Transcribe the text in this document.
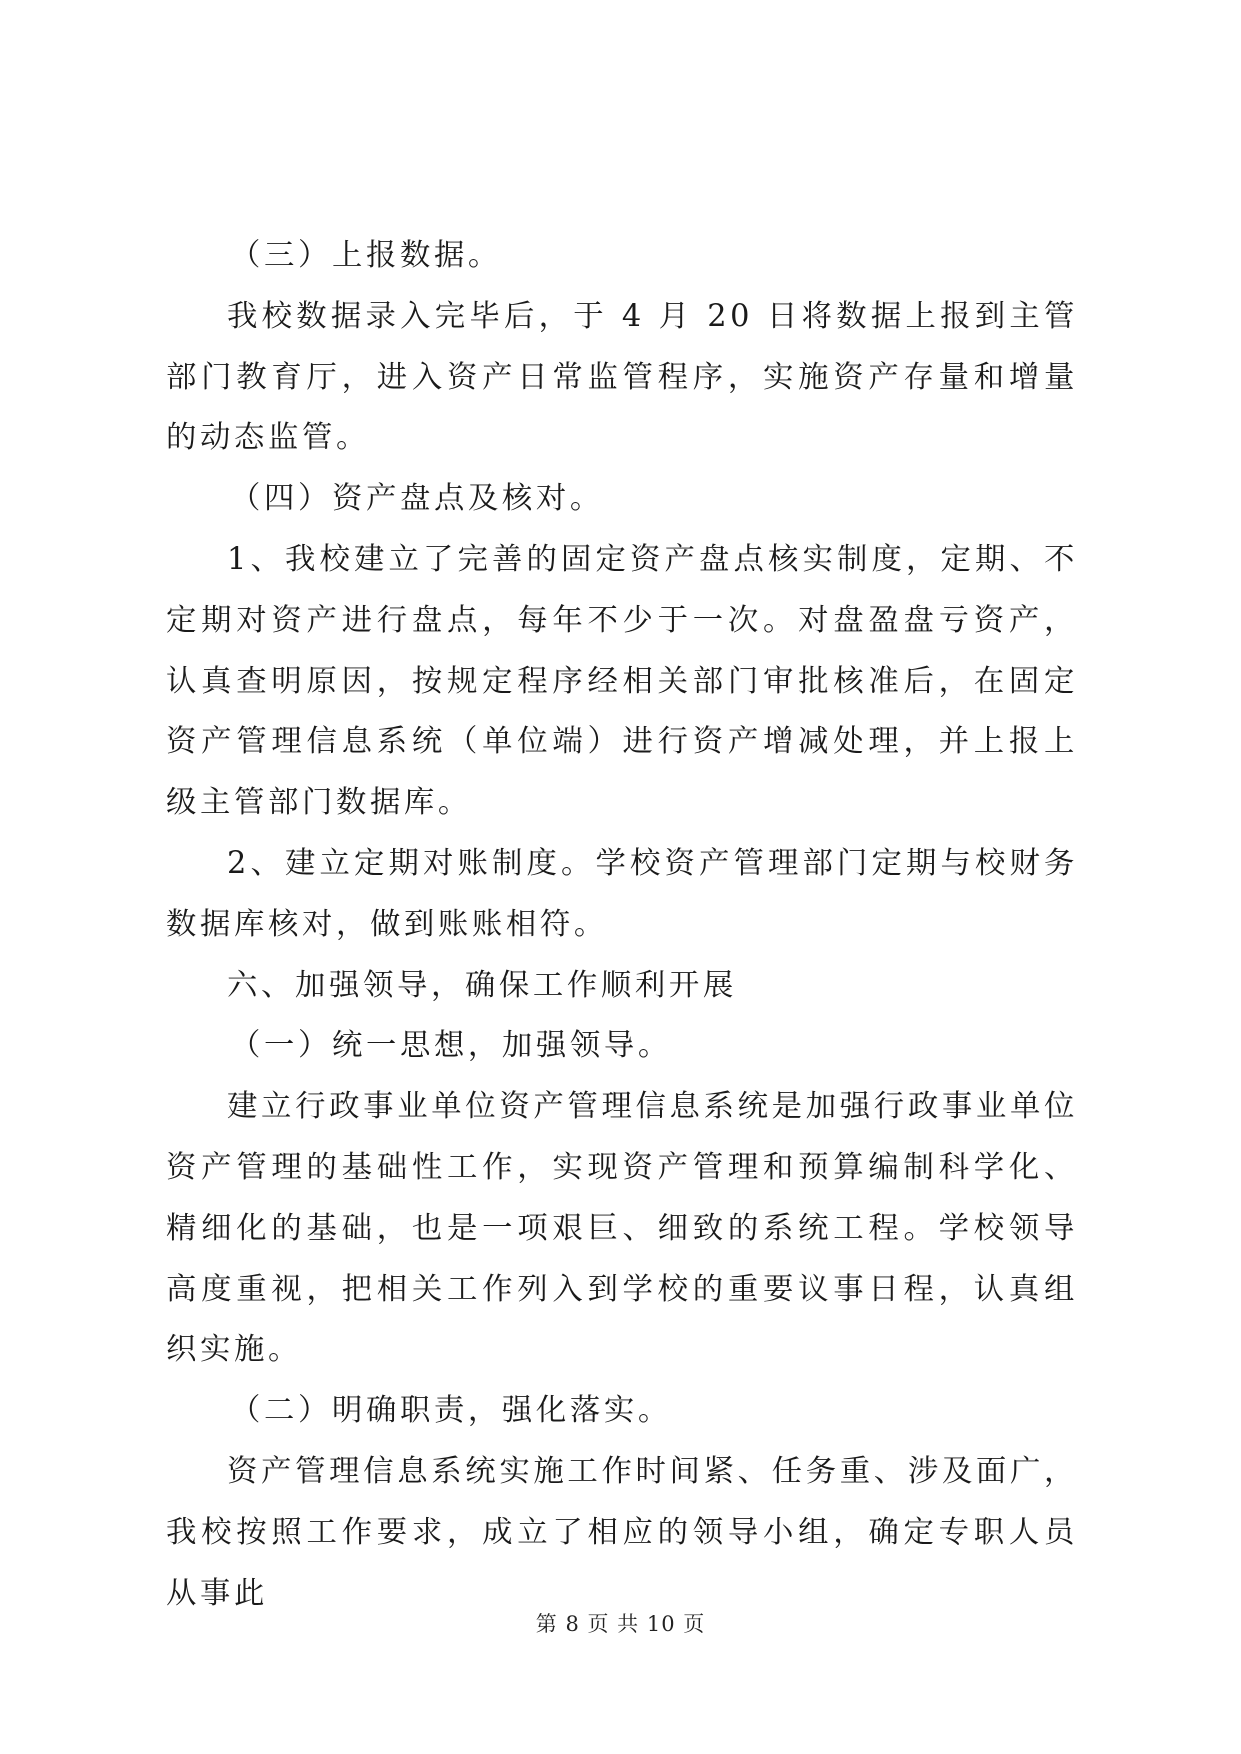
（三）上报数据。

我校数据录入完毕后，于 4 月 20 日将数据上报到主管部门教育厅，进入资产日常监管程序，实施资产存量和增量的动态监管。

（四）资产盘点及核对。

1、我校建立了完善的固定资产盘点核实制度，定期、不定期对资产进行盘点，每年不少于一次。对盘盈盘亏资产，认真查明原因，按规定程序经相关部门审批核准后，在固定资产管理信息系统（单位端）进行资产增减处理，并上报上级主管部门数据库。

2、建立定期对账制度。学校资产管理部门定期与校财务数据库核对，做到账账相符。

六、加强领导，确保工作顺利开展

（一）统一思想，加强领导。

建立行政事业单位资产管理信息系统是加强行政事业单位资产管理的基础性工作，实现资产管理和预算编制科学化、精细化的基础，也是一项艰巨、细致的系统工程。学校领导高度重视，把相关工作列入到学校的重要议事日程，认真组织实施。

（二）明确职责，强化落实。

资产管理信息系统实施工作时间紧、任务重、涉及面广，我校按照工作要求，成立了相应的领导小组，确定专职人员从事此

第 8 页 共 10 页
